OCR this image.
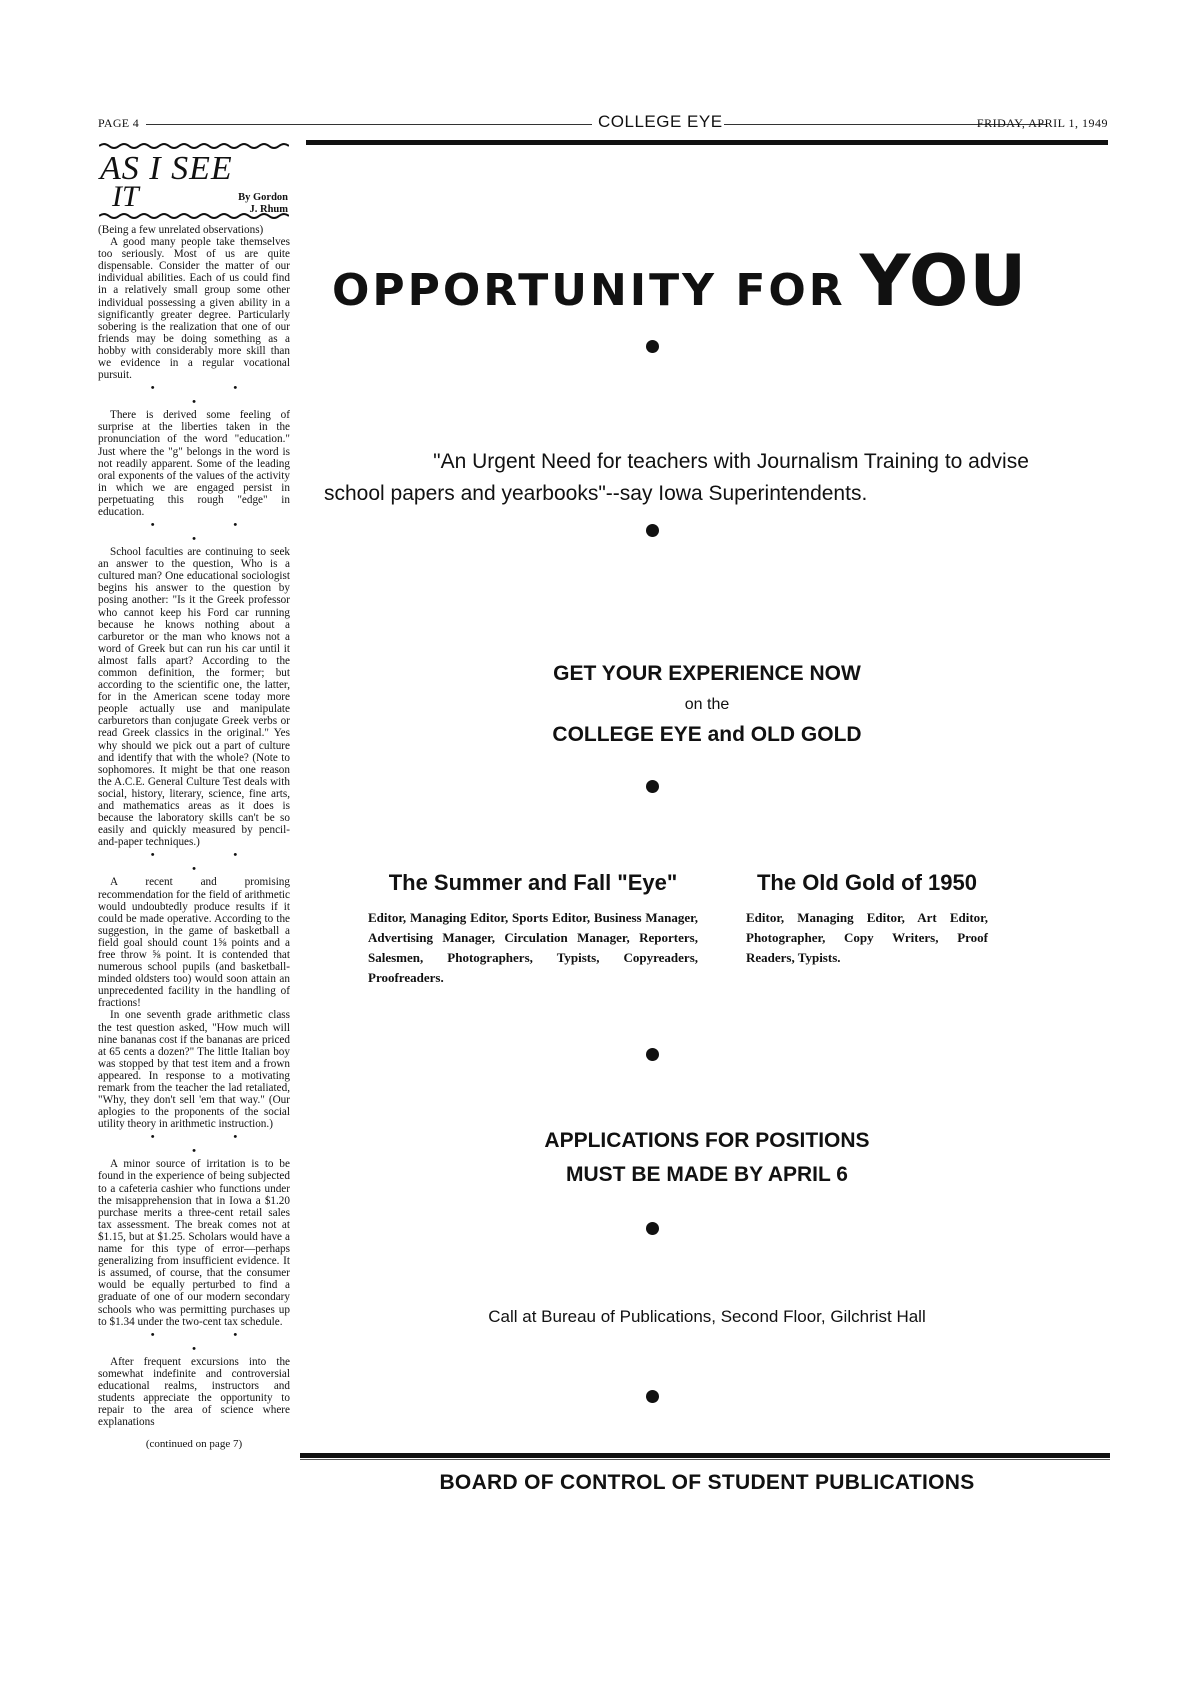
PAGE 4	COLLEGE EYE	FRIDAY, APRIL 1, 1949
AS I SEE
IT	By Gordon
J. Rhum

(Being a few unrelated observations)

A good many people take themselves too seriously. Most of us are quite dispensable. Consider the matter of our individual abilities. Each of us could find in a relatively small group some other individual possessing a given ability in a significantly greater degree. Particularly sobering is the realization that one of our friends may be doing something as a hobby with considerably more skill than we evidence in a regular vocational pursuit.

• • •

There is derived some feeling of surprise at the liberties taken in the pronunciation of the word "education." Just where the "g" belongs in the word is not readily apparent. Some of the leading oral exponents of the values of the activity in which we are engaged persist in perpetuating this rough "edge" in education.

• • •

School faculties are continuing to seek an answer to the question, Who is a cultured man? One educational sociologist begins his answer to the question by posing another: "Is it the Greek professor who cannot keep his Ford car running because he knows nothing about a carburetor or the man who knows not a word of Greek but can run his car until it almost falls apart? According to the common definition, the former; but according to the scientific one, the latter, for in the American scene today more people actually use and manipulate carburetors than conjugate Greek verbs or read Greek classics in the original." Yes why should we pick out a part of culture and identify that with the whole? (Note to sophomores. It might be that one reason the A.C.E. General Culture Test deals with social, history, literary, science, fine arts, and mathematics areas as it does is because the laboratory skills can't be so easily and quickly measured by pencil-and-paper techniques.)

• • •

A recent and promising recommendation for the field of arithmetic would undoubtedly produce results if it could be made operative. According to the suggestion, in the game of basketball a field goal should count 1⅝ points and a free throw ⅝ point. It is contended that numerous school pupils (and basketball-minded oldsters too) would soon attain an unprecedented facility in the handling of fractions!

In one seventh grade arithmetic class the test question asked, "How much will nine bananas cost if the bananas are priced at 65 cents a dozen?" The little Italian boy was stopped by that test item and a frown appeared. In response to a motivating remark from the teacher the lad retaliated, "Why, they don't sell 'em that way." (Our aplogies to the proponents of the social utility theory in arithmetic instruction.)

• • •

A minor source of irritation is to be found in the experience of being subjected to a cafeteria cashier who functions under the misapprehension that in Iowa a $1.20 purchase merits a three-cent retail sales tax assessment. The break comes not at $1.15, but at $1.25. Scholars would have a name for this type of error—perhaps generalizing from insufficient evidence. It is assumed, of course, that the consumer would be equally perturbed to find a graduate of one of our modern secondary schools who was permitting purchases up to $1.34 under the two-cent tax schedule.

• • •

After frequent excursions into the somewhat indefinite and controversial educational realms, instructors and students appreciate the opportunity to repair to the area of science where explanations

(continued on page 7)
OPPORTUNITY FOR YOU
"An Urgent Need for teachers with Journalism Training to advise
school papers and yearbooks"--say Iowa Superintendents.
GET YOUR EXPERIENCE NOW
on the
COLLEGE EYE and OLD GOLD
The Summer and Fall "Eye"

Editor, Managing Editor, Sports Editor, Business Manager, Advertising Manager, Circulation Manager, Reporters, Salesmen, Photographers, Typists, Copyreaders, Proofreaders.

The Old Gold of 1950

Editor, Managing Editor, Art Editor, Photographer, Copy Writers, Proof Readers, Typists.

APPLICATIONS FOR POSITIONS
MUST BE MADE BY APRIL 6
Call at Bureau of Publications, Second Floor, Gilchrist Hall
BOARD OF CONTROL OF STUDENT PUBLICATIONS
